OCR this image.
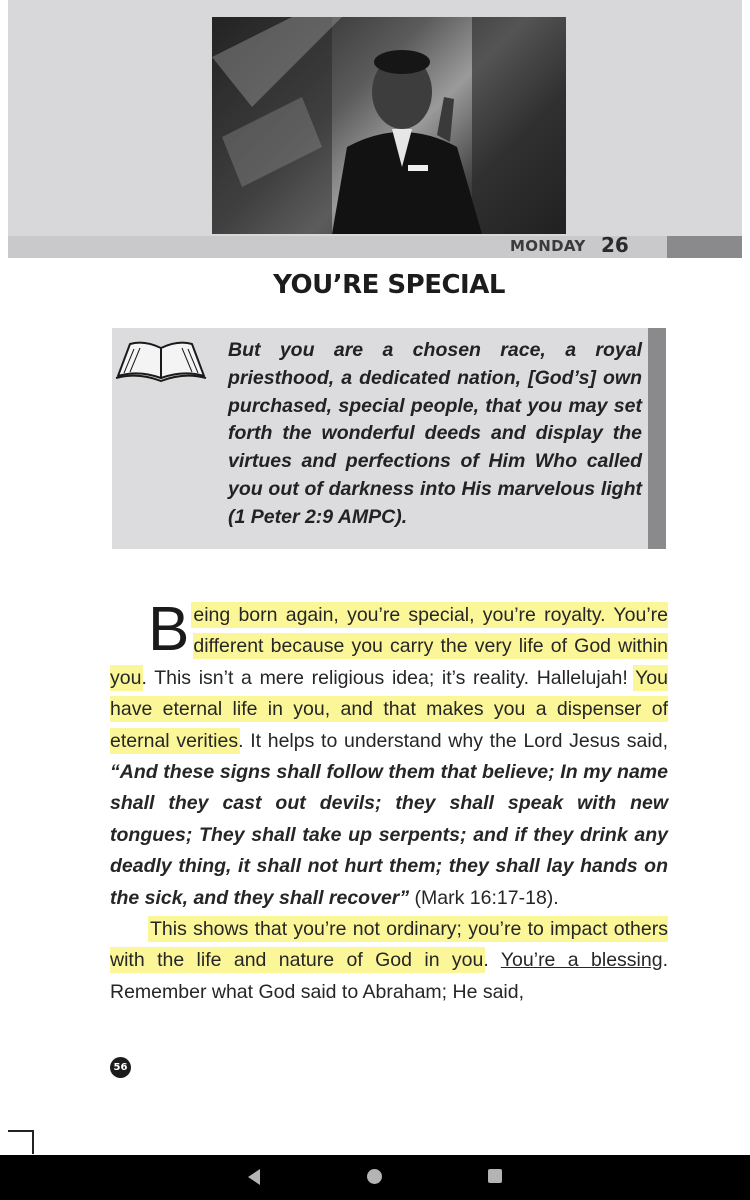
MONDAY 26
YOU’RE SPECIAL

But you are a chosen race, a royal priesthood, a dedicated nation, [God’s] own purchased, special people, that you may set forth the wonderful deeds and display the virtues and perfections of Him Who called you out of darkness into His marvelous light (1 Peter 2:9 AMPC).

Being born again, you’re special, you’re royalty. You’re different because you carry the very life of God within you. This isn’t a mere religious idea; it’s reality. Hallelujah! You have eternal life in you, and that makes you a dispenser of eternal verities. It helps to understand why the Lord Jesus said, “And these signs shall follow them that believe; In my name shall they cast out devils; they shall speak with new tongues; They shall take up serpents; and if they drink any deadly thing, it shall not hurt them; they shall lay hands on the sick, and they shall recover” (Mark 16:17-18).

This shows that you’re not ordinary; you’re to impact others with the life and nature of God in you. You’re a blessing. Remember what God said to Abraham; He said,

56
